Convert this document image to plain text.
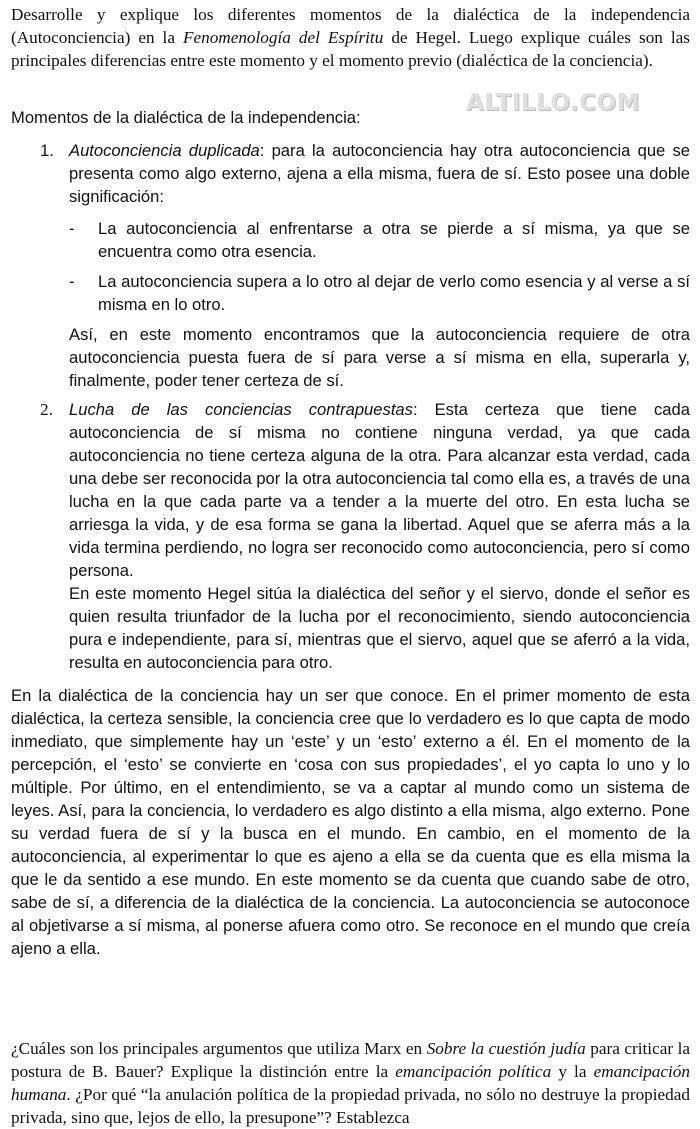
Desarrolle y explique los diferentes momentos de la dialéctica de la independencia (Autoconciencia) en la Fenomenología del Espíritu de Hegel. Luego explique cuáles son las principales diferencias entre este momento y el momento previo (dialéctica de la conciencia).
Momentos de la dialéctica de la independencia:
ALTILLO.COM
1. Autoconciencia duplicada: para la autoconciencia hay otra autoconciencia que se presenta como algo externo, ajena a ella misma, fuera de sí. Esto posee una doble significación:

- La autoconciencia al enfrentarse a otra se pierde a sí misma, ya que se encuentra como otra esencia.
- La autoconciencia supera a lo otro al dejar de verlo como esencia y al verse a sí misma en lo otro.

Así, en este momento encontramos que la autoconciencia requiere de otra autoconciencia puesta fuera de sí para verse a sí misma en ella, superarla y, finalmente, poder tener certeza de sí.

2. Lucha de las conciencias contrapuestas: Esta certeza que tiene cada autoconciencia de sí misma no contiene ninguna verdad, ya que cada autoconciencia no tiene certeza alguna de la otra. Para alcanzar esta verdad, cada una debe ser reconocida por la otra autoconciencia tal como ella es, a través de una lucha en la que cada parte va a tender a la muerte del otro. En esta lucha se arriesga la vida, y de esa forma se gana la libertad. Aquel que se aferra más a la vida termina perdiendo, no logra ser reconocido como autoconciencia, pero sí como persona.

En este momento Hegel sitúa la dialéctica del señor y el siervo, donde el señor es quien resulta triunfador de la lucha por el reconocimiento, siendo autoconciencia pura e independiente, para sí, mientras que el siervo, aquel que se aferró a la vida, resulta en autoconciencia para otro.

En la dialéctica de la conciencia hay un ser que conoce. En el primer momento de esta dialéctica, la certeza sensible, la conciencia cree que lo verdadero es lo que capta de modo inmediato, que simplemente hay un ‘este’ y un ‘esto’ externo a él. En el momento de la percepción, el ‘esto’ se convierte en ‘cosa con sus propiedades’, el yo capta lo uno y lo múltiple. Por último, en el entendimiento, se va a captar al mundo como un sistema de leyes. Así, para la conciencia, lo verdadero es algo distinto a ella misma, algo externo. Pone su verdad fuera de sí y la busca en el mundo. En cambio, en el momento de la autoconciencia, al experimentar lo que es ajeno a ella se da cuenta que es ella misma la que le da sentido a ese mundo. En este momento se da cuenta que cuando sabe de otro, sabe de sí, a diferencia de la dialéctica de la conciencia. La autoconciencia se autoconoce al objetivarse a sí misma, al ponerse afuera como otro. Se reconoce en el mundo que creía ajeno a ella.
¿Cuáles son los principales argumentos que utiliza Marx en Sobre la cuestión judía para criticar la postura de B. Bauer? Explique la distinción entre la emancipación política y la emancipación humana. ¿Por qué “la anulación política de la propiedad privada, no sólo no destruye la propiedad privada, sino que, lejos de ello, la presupone”? Establezca
